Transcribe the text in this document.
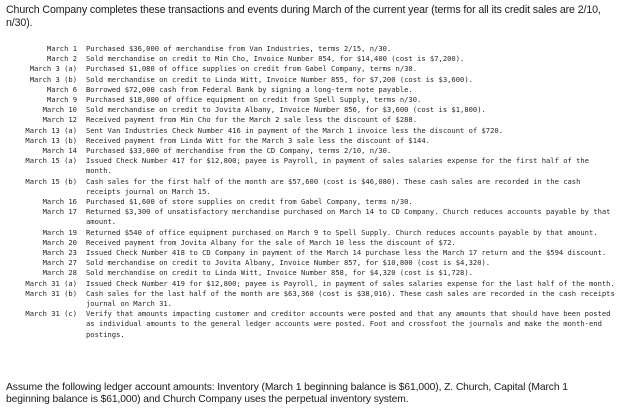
Church Company completes these transactions and events during March of the current year (terms for all its credit sales are 2/10, n/30).

March 1	Purchased $36,000 of merchandise from Van Industries, terms 2/15, n/30.
March 2	Sold merchandise on credit to Min Cho, Invoice Number 854, for $14,400 (cost is $7,200).
March 3 (a)	Purchased $1,080 of office supplies on credit from Gabel Company, terms n/30.
March 3 (b)	Sold merchandise on credit to Linda Witt, Invoice Number 855, for $7,200 (cost is $3,600).
March 6	Borrowed $72,000 cash from Federal Bank by signing a long-term note payable.
March 9	Purchased $18,000 of office equipment on credit from Spell Supply, terms n/30.
March 10	Sold merchandise on credit to Jovita Albany, Invoice Number 856, for $3,600 (cost is $1,800).
March 12	Received payment from Min Cho for the March 2 sale less the discount of $288.
March 13 (a)	Sent Van Industries Check Number 416 in payment of the March 1 invoice less the discount of $720.
March 13 (b)	Received payment from Linda Witt for the March 3 sale less the discount of $144.
March 14	Purchased $33,000 of merchandise from the CD Company, terms 2/10, n/30.
March 15 (a)	Issued Check Number 417 for $12,800; payee is Payroll, in payment of sales salaries expense for the first half of the month.
March 15 (b)	Cash sales for the first half of the month are $57,600 (cost is $46,080). These cash sales are recorded in the cash receipts journal on March 15.
March 16	Purchased $1,600 of store supplies on credit from Gabel Company, terms n/30.
March 17	Returned $3,300 of unsatisfactory merchandise purchased on March 14 to CD Company. Church reduces accounts payable by that amount.
March 19	Returned $540 of office equipment purchased on March 9 to Spell Supply. Church reduces accounts payable by that amount.
March 20	Received payment from Jovita Albany for the sale of March 10 less the discount of $72.
March 23	Issued Check Number 418 to CD Company in payment of the March 14 purchase less the March 17 return and the $594 discount.
March 27	Sold merchandise on credit to Jovita Albany, Invoice Number 857, for $10,800 (cost is $4,320).
March 28	Sold merchandise on credit to Linda Witt, Invoice Number 858, for $4,320 (cost is $1,728).
March 31 (a)	Issued Check Number 419 for $12,800; payee is Payroll, in payment of sales salaries expense for the last half of the month.
March 31 (b)	Cash sales for the last half of the month are $63,360 (cost is $38,016). These cash sales are recorded in the cash receipts journal on March 31.
March 31 (c)	Verify that amounts impacting customer and creditor accounts were posted and that any amounts that should have been posted as individual amounts to the general ledger accounts were posted. Foot and crossfoot the journals and make the month-end postings.

Assume the following ledger account amounts: Inventory (March 1 beginning balance is $61,000), Z. Church, Capital (March 1 beginning balance is $61,000) and Church Company uses the perpetual inventory system.
